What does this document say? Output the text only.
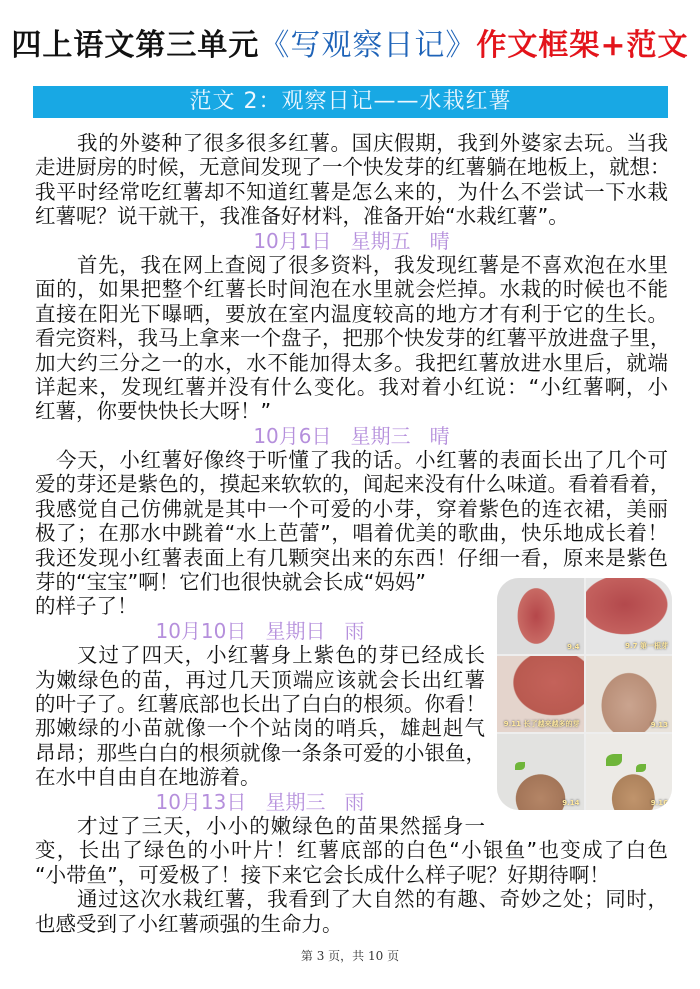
四上语文第三单元《写观察日记》作文框架+范文
范文 2：观察日记——水栽红薯
我的外婆种了很多很多红薯。国庆假期，我到外婆家去玩。当我
走进厨房的时候，无意间发现了一个快发芽的红薯躺在地板上，就想：
我平时经常吃红薯却不知道红薯是怎么来的，为什么不尝试一下水栽
红薯呢？说干就干，我准备好材料，准备开始“水栽红薯”。
10月1日   星期五   晴
首先，我在网上查阅了很多资料，我发现红薯是不喜欢泡在水里
面的，如果把整个红薯长时间泡在水里就会烂掉。水栽的时候也不能
直接在阳光下曝晒，要放在室内温度较高的地方才有利于它的生长。
看完资料，我马上拿来一个盘子，把那个快发芽的红薯平放进盘子里，
加大约三分之一的水，水不能加得太多。我把红薯放进水里后，就端
详起来，发现红薯并没有什么变化。我对着小红说：“小红薯啊，小
红薯，你要快快长大呀！”
10月6日   星期三   晴
今天，小红薯好像终于听懂了我的话。小红薯的表面长出了几个可
爱的芽还是紫色的，摸起来软软的，闻起来没有什么味道。看着看着，
我感觉自己仿佛就是其中一个可爱的小芽，穿着紫色的连衣裙，美丽
极了；在那水中跳着“水上芭蕾”，唱着优美的歌曲，快乐地成长着！
我还发现小红薯表面上有几颗突出来的东西！仔细一看，原来是紫色
芽的“宝宝”啊！它们也很快就会长成“妈妈”
的样子了！
10月10日   星期日   雨
又过了四天，小红薯身上紫色的芽已经成长
为嫩绿色的苗，再过几天顶端应该就会长出红薯
的叶子了。红薯底部也长出了白白的根须。你看！
那嫩绿的小苗就像一个个站岗的哨兵，雄赳赳气
昂昂；那些白白的根须就像一条条可爱的小银鱼，
在水中自由自在地游着。
10月13日   星期三   雨
才过了三天，小小的嫩绿色的苗果然摇身一
变，长出了绿色的小叶片！红薯底部的白色“小银鱼”也变成了白色
“小带鱼”，可爱极了！接下来它会长成什么样子呢？好期待啊！
通过这次水栽红薯，我看到了大自然的有趣、奇妙之处；同时，
也感受到了小红薯顽强的生命力。
9.4	9.7 第一根芽
9.11 长了越来越多的芽	9.13
9.14	9.16
第 3 页，共 10 页
